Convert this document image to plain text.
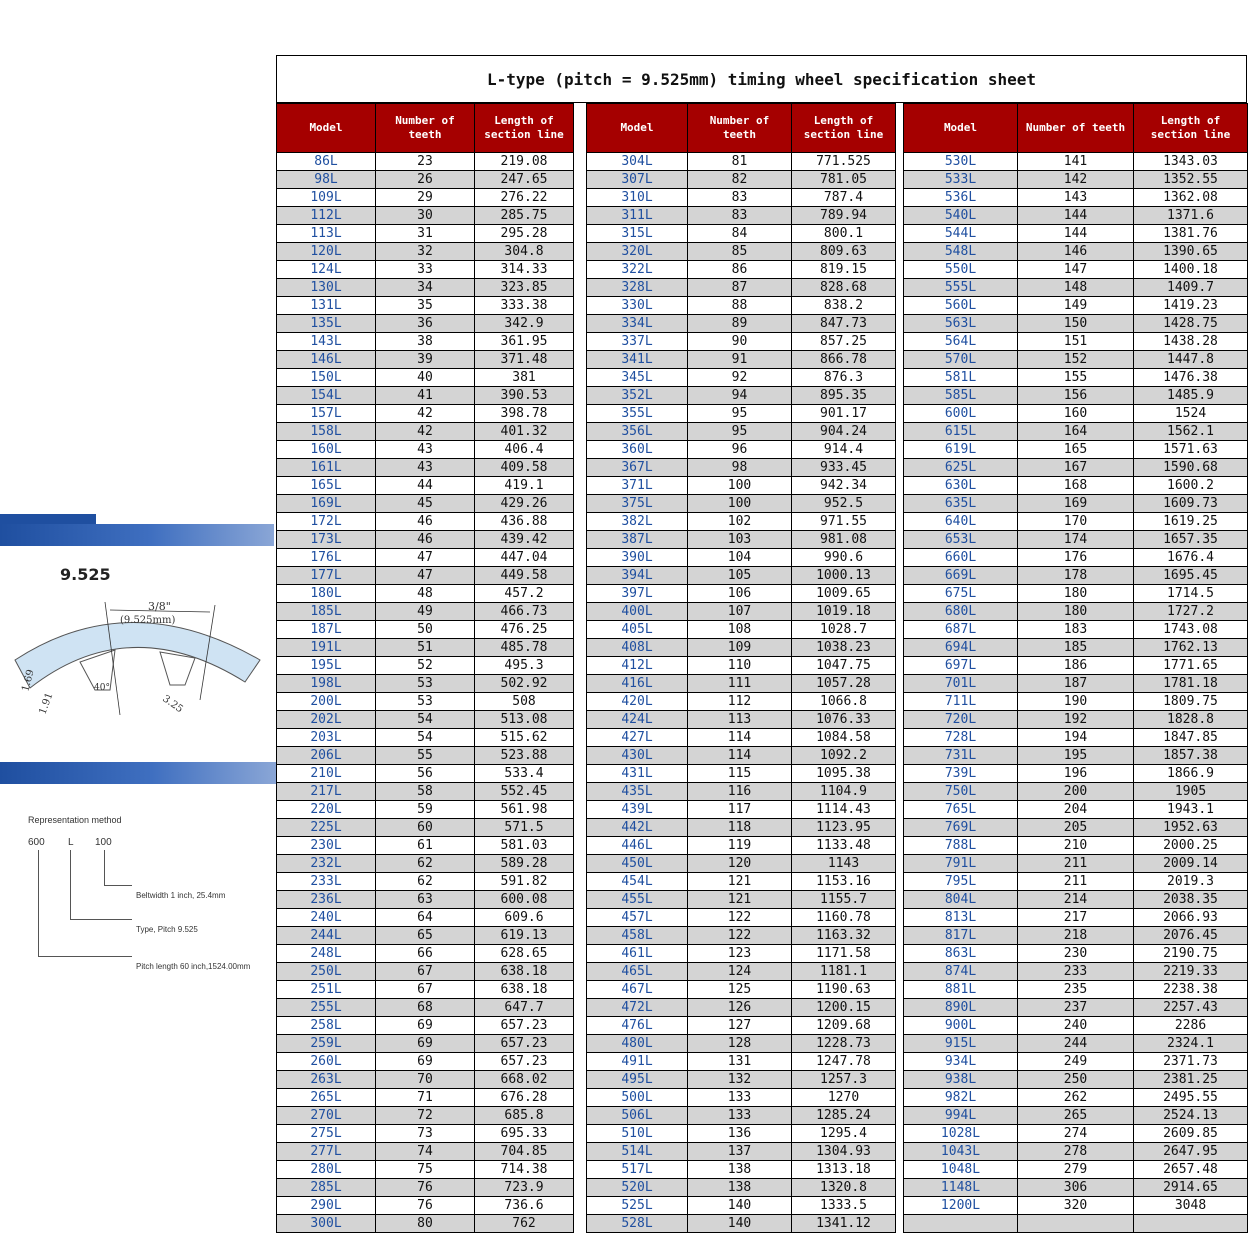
9.525
3/8"
(9.525mm)
40°
1.69
1.91	3.25
Representation method
600 L 100
Beltwidth 1 inch, 25.4mm
Type, Pitch 9.525
Pitch length 60 inch,1524.00mm
L-type (pitch = 9.525mm) timing wheel specification sheet
Model	Number of teeth	Length of section line		Model	Number of teeth	Length of section line		Model	Number of teeth	Length of section line
86L	23	219.08		304L	81	771.525		530L	141	1343.03
98L	26	247.65		307L	82	781.05		533L	142	1352.55
109L	29	276.22		310L	83	787.4		536L	143	1362.08
112L	30	285.75		311L	83	789.94		540L	144	1371.6
113L	31	295.28		315L	84	800.1		544L	144	1381.76
120L	32	304.8		320L	85	809.63		548L	146	1390.65
124L	33	314.33		322L	86	819.15		550L	147	1400.18
130L	34	323.85		328L	87	828.68		555L	148	1409.7
131L	35	333.38		330L	88	838.2		560L	149	1419.23
135L	36	342.9		334L	89	847.73		563L	150	1428.75
143L	38	361.95		337L	90	857.25		564L	151	1438.28
146L	39	371.48		341L	91	866.78		570L	152	1447.8
150L	40	381		345L	92	876.3		581L	155	1476.38
154L	41	390.53		352L	94	895.35		585L	156	1485.9
157L	42	398.78		355L	95	901.17		600L	160	1524
158L	42	401.32		356L	95	904.24		615L	164	1562.1
160L	43	406.4		360L	96	914.4		619L	165	1571.63
161L	43	409.58		367L	98	933.45		625L	167	1590.68
165L	44	419.1		371L	100	942.34		630L	168	1600.2
169L	45	429.26		375L	100	952.5		635L	169	1609.73
172L	46	436.88		382L	102	971.55		640L	170	1619.25
173L	46	439.42		387L	103	981.08		653L	174	1657.35
176L	47	447.04		390L	104	990.6		660L	176	1676.4
177L	47	449.58		394L	105	1000.13		669L	178	1695.45
180L	48	457.2		397L	106	1009.65		675L	180	1714.5
185L	49	466.73		400L	107	1019.18		680L	180	1727.2
187L	50	476.25		405L	108	1028.7		687L	183	1743.08
191L	51	485.78		408L	109	1038.23		694L	185	1762.13
195L	52	495.3		412L	110	1047.75		697L	186	1771.65
198L	53	502.92		416L	111	1057.28		701L	187	1781.18
200L	53	508		420L	112	1066.8		711L	190	1809.75
202L	54	513.08		424L	113	1076.33		720L	192	1828.8
203L	54	515.62		427L	114	1084.58		728L	194	1847.85
206L	55	523.88		430L	114	1092.2		731L	195	1857.38
210L	56	533.4		431L	115	1095.38		739L	196	1866.9
217L	58	552.45		435L	116	1104.9		750L	200	1905
220L	59	561.98		439L	117	1114.43		765L	204	1943.1
225L	60	571.5		442L	118	1123.95		769L	205	1952.63
230L	61	581.03		446L	119	1133.48		788L	210	2000.25
232L	62	589.28		450L	120	1143		791L	211	2009.14
233L	62	591.82		454L	121	1153.16		795L	211	2019.3
236L	63	600.08		455L	121	1155.7		804L	214	2038.35
240L	64	609.6		457L	122	1160.78		813L	217	2066.93
244L	65	619.13		458L	122	1163.32		817L	218	2076.45
248L	66	628.65		461L	123	1171.58		863L	230	2190.75
250L	67	638.18		465L	124	1181.1		874L	233	2219.33
251L	67	638.18		467L	125	1190.63		881L	235	2238.38
255L	68	647.7		472L	126	1200.15		890L	237	2257.43
258L	69	657.23		476L	127	1209.68		900L	240	2286
259L	69	657.23		480L	128	1228.73		915L	244	2324.1
260L	69	657.23		491L	131	1247.78		934L	249	2371.73
263L	70	668.02		495L	132	1257.3		938L	250	2381.25
265L	71	676.28		500L	133	1270		982L	262	2495.55
270L	72	685.8		506L	133	1285.24		994L	265	2524.13
275L	73	695.33		510L	136	1295.4		1028L	274	2609.85
277L	74	704.85		514L	137	1304.93		1043L	278	2647.95
280L	75	714.38		517L	138	1313.18		1048L	279	2657.48
285L	76	723.9		520L	138	1320.8		1148L	306	2914.65
290L	76	736.6		525L	140	1333.5		1200L	320	3048
300L	80	762		528L	140	1341.12				
